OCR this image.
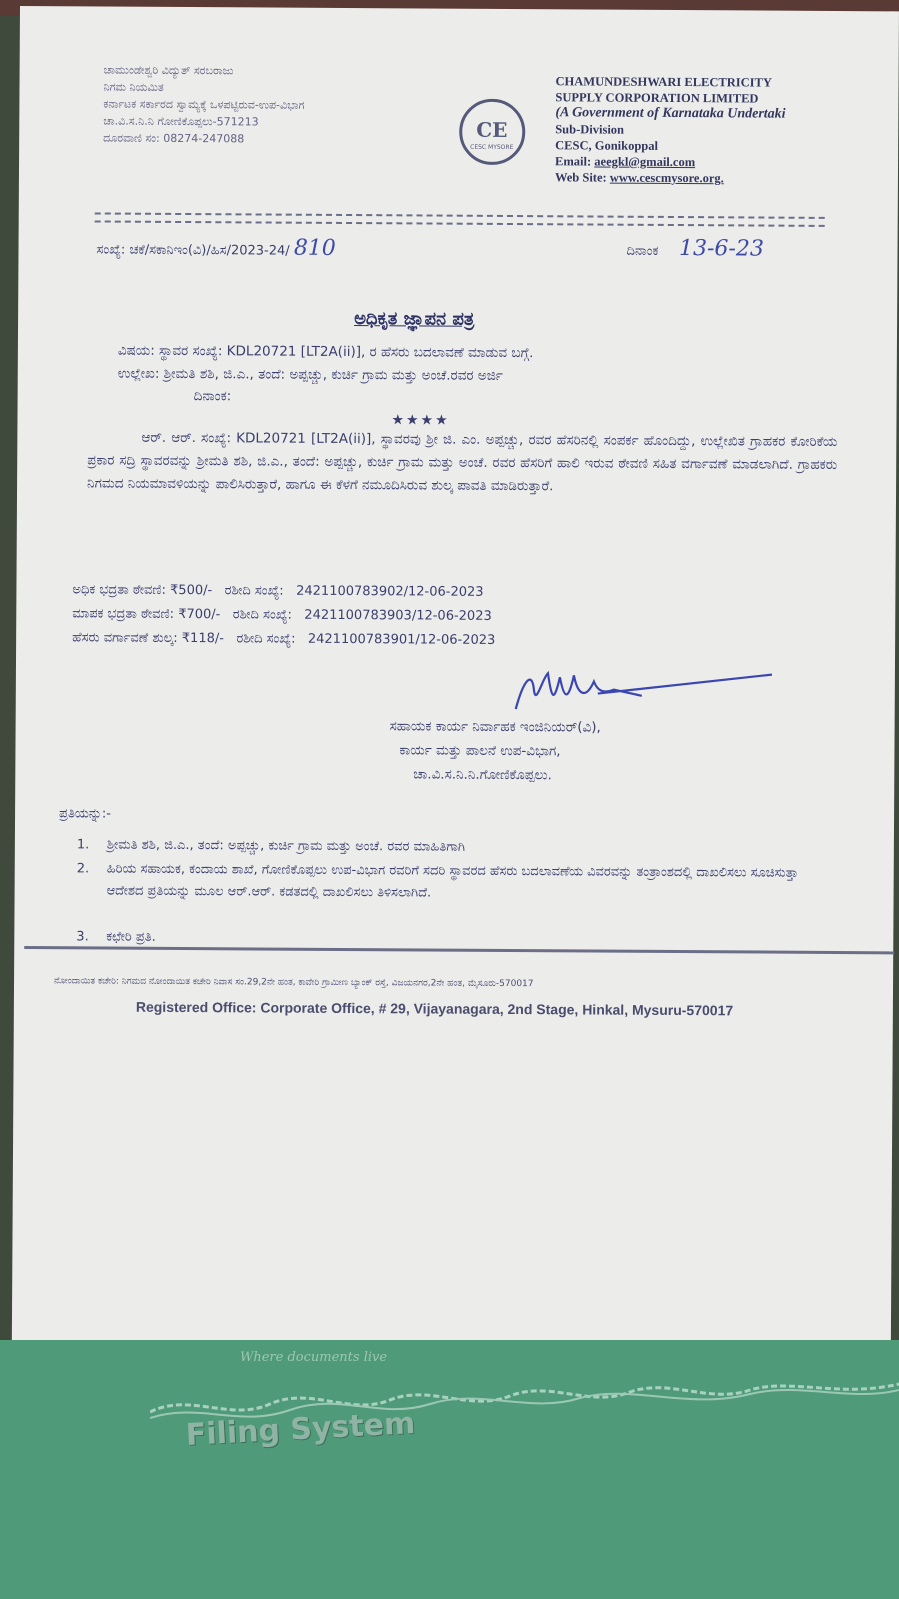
ಚಾಮುಂಡೇಶ್ವರಿ ವಿದ್ಯುತ್ ಸರಬರಾಜು
ನಿಗಮ ನಿಯಮಿತ
ಕರ್ನಾಟಕ ಸರ್ಕಾರದ ಸ್ವಾಮ್ಯಕ್ಕೆ ಒಳಪಟ್ಟಿರುವ-ಉಪ-ವಿಭಾಗ
ಚಾ.ವಿ.ಸ.ನಿ.ನಿ ಗೋಣಿಕೊಪ್ಪಲು-571213
ದೂರವಾಣಿ ಸಂ: 08274-247088	CE
CESC MYSORE
CHAMUNDESHWARI ELECTRICITY
SUPPLY CORPORATION LIMITED
(A Government of Karnataka Undertaki
Sub-Division
CESC, Gonikoppal
Email: aeegkl@gmail.com
Web Site: www.cescmysore.org.
ಸಂಖ್ಯೆ: ಚಕೆ/ಸಕಾನಿಇಂ(ವಿ)/ಹಿಸ/2023-24/ 810	ದಿನಾಂಕ 13-6-23
ಅಧಿಕೃತ ಜ್ಞಾಪನ ಪತ್ರ
ವಿಷಯ: ಸ್ಥಾವರ ಸಂಖ್ಯೆ: KDL20721 [LT2A(ii)], ರ ಹೆಸರು ಬದಲಾವಣೆ ಮಾಡುವ ಬಗ್ಗೆ.
ಉಲ್ಲೇಖ: ಶ್ರೀಮತಿ ಶಶಿ, ಜಿ.ಎ., ತಂದೆ: ಅಪ್ಪಚ್ಚು, ಕುರ್ಚಿ ಗ್ರಾಮ ಮತ್ತು ಅಂಚೆ.ರವರ ಅರ್ಜಿ
ದಿನಾಂಕ:
★★★★
ಆರ್. ಆರ್. ಸಂಖ್ಯೆ: KDL20721 [LT2A(ii)], ಸ್ಥಾವರವು ಶ್ರೀ ಜಿ. ಎಂ. ಅಪ್ಪಚ್ಚು, ರವರ ಹೆಸರಿನಲ್ಲಿ ಸಂಪರ್ಕ ಹೊಂದಿದ್ದು, ಉಲ್ಲೇಖಿತ ಗ್ರಾಹಕರ ಕೋರಿಕೆಯ ಪ್ರಕಾರ ಸದ್ರಿ ಸ್ಥಾವರವನ್ನು ಶ್ರೀಮತಿ ಶಶಿ, ಜಿ.ಎ., ತಂದೆ: ಅಪ್ಪಚ್ಚು, ಕುರ್ಚಿ ಗ್ರಾಮ ಮತ್ತು ಅಂಚೆ. ರವರ ಹೆಸರಿಗೆ ಹಾಲಿ ಇರುವ ಠೇವಣಿ ಸಹಿತ ವರ್ಗಾವಣೆ ಮಾಡಲಾಗಿದೆ. ಗ್ರಾಹಕರು ನಿಗಮದ ನಿಯಮಾವಳಿಯನ್ನು ಪಾಲಿಸಿರುತ್ತಾರೆ, ಹಾಗೂ ಈ ಕೆಳಗೆ ನಮೂದಿಸಿರುವ ಶುಲ್ಕ ಪಾವತಿ ಮಾಡಿರುತ್ತಾರೆ.
ಅಧಿಕ ಭದ್ರತಾ ಠೇವಣಿ: ₹500/- ರಶೀದಿ ಸಂಖ್ಯೆ: 2421100783902/12-06-2023
ಮಾಪಕ ಭದ್ರತಾ ಠೇವಣಿ: ₹700/- ರಶೀದಿ ಸಂಖ್ಯೆ: 2421100783903/12-06-2023
ಹೆಸರು ವರ್ಗಾವಣೆ ಶುಲ್ಕ: ₹118/- ರಶೀದಿ ಸಂಖ್ಯೆ: 2421100783901/12-06-2023
ಸಹಾಯಕ ಕಾರ್ಯ ನಿರ್ವಾಹಕ ಇಂಜಿನಿಯರ್(ವಿ),
ಕಾರ್ಯ ಮತ್ತು ಪಾಲನೆ ಉಪ-ವಿಭಾಗ,
ಚಾ.ವಿ.ಸ.ನಿ.ನಿ.ಗೋಣಿಕೊಪ್ಪಲು.
ಪ್ರತಿಯನ್ನು:-
1. ಶ್ರೀಮತಿ ಶಶಿ, ಜಿ.ಎ., ತಂದೆ: ಅಪ್ಪಚ್ಚು, ಕುರ್ಚಿ ಗ್ರಾಮ ಮತ್ತು ಅಂಚೆ. ರವರ ಮಾಹಿತಿಗಾಗಿ
2. ಹಿರಿಯ ಸಹಾಯಕ, ಕಂದಾಯ ಶಾಖೆ, ಗೋಣಿಕೊಪ್ಪಲು ಉಪ-ವಿಭಾಗ ರವರಿಗೆ ಸದರಿ ಸ್ಥಾವರದ ಹೆಸರು ಬದಲಾವಣೆಯ ವಿವರವನ್ನು ತಂತ್ರಾಂಶದಲ್ಲಿ ದಾಖಲಿಸಲು ಸೂಚಿಸುತ್ತಾ ಆದೇಶದ ಪ್ರತಿಯನ್ನು ಮೂಲ ಆರ್.ಆರ್. ಕಡತದಲ್ಲಿ ದಾಖಲಿಸಲು ತಿಳಿಸಲಾಗಿದೆ.
3. ಕಛೇರಿ ಪ್ರತಿ.
ನೋಂದಾಯಿತ ಕಚೇರಿ: ನಿಗಮದ ನೋಂದಾಯಿತ ಕಚೇರಿ ನಿವಾಸ ಸಂ.29,2ನೇ ಹಂತ, ಕಾವೇರಿ ಗ್ರಾಮೀಣ ಬ್ಯಾಂಕ್ ರಸ್ತೆ, ವಿಜಯನಗರ,2ನೇ ಹಂತ, ಮೈಸೂರು-570017
Registered Office: Corporate Office, # 29, Vijayanagara, 2nd Stage, Hinkal, Mysuru-570017
Where documents live
Filing System
